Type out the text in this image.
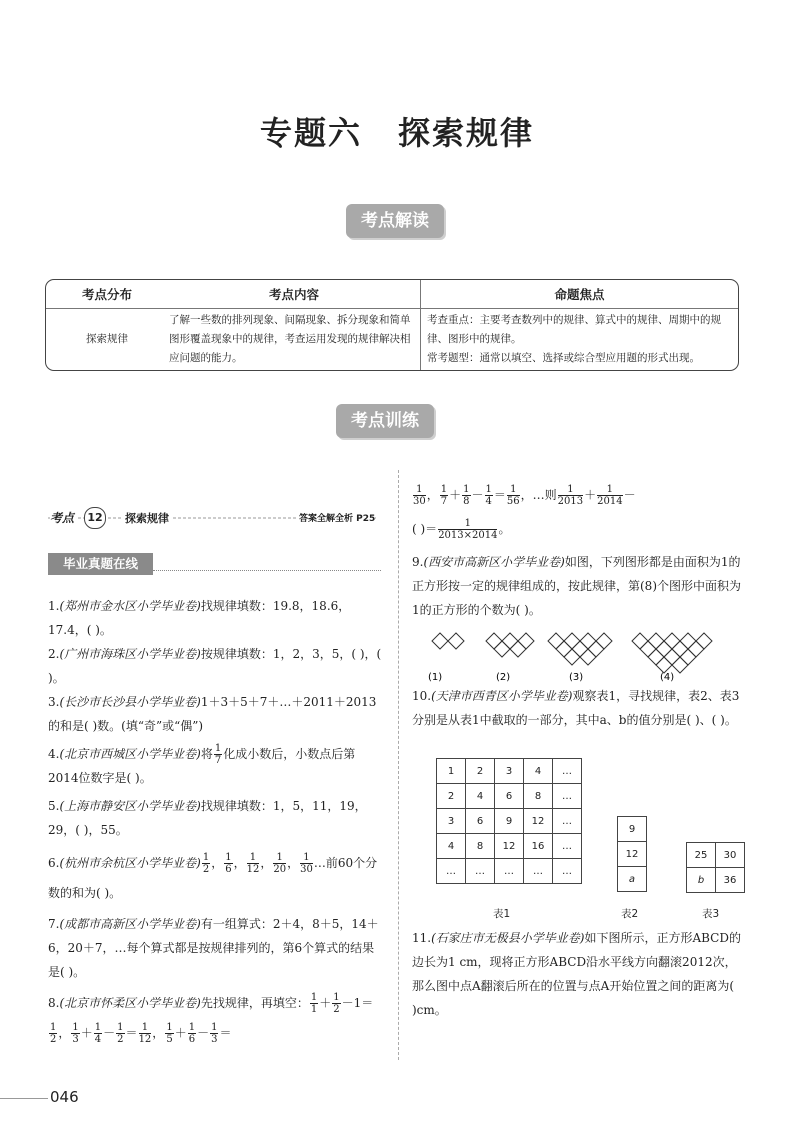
专题六 探索规律
考点解读
考点分布	考点内容	命题焦点
探索规律	了解一些数的排列现象、间隔现象、拆分现象和简单图形覆盖现象中的规律，考查运用发现的规律解决相应问题的能力。	考查重点：主要考查数列中的规律、算式中的规律、周期中的规律、图形中的规律。
常考题型：通常以填空、选择或综合型应用题的形式出现。
考点训练
考点	12	探索规律	答案全解全析 P25
毕业真题在线

1.(郑州市金水区小学毕业卷)找规律填数：19.8，18.6，17.4，( )。

2.(广州市海珠区小学毕业卷)按规律填数：1，2，3，5，( )，( )。

3.(长沙市长沙县小学毕业卷)1＋3＋5＋7＋…＋2011＋2013的和是( )数。(填“奇”或“偶”)

4.(北京市西城区小学毕业卷)将 $\frac{1}{7}$ 化成小数后，小数点后第2014位数字是( )。

5.(上海市静安区小学毕业卷)找规律填数：1，5，11，19，29，( )，55。

6.(杭州市余杭区小学毕业卷) $\frac{1}{2}$ ， $\frac{1}{6}$ ， $\frac{1}{12}$ ， $\frac{1}{20}$ ， $\frac{1}{30}$ …前60个分数的和为( )。

7.(成都市高新区小学毕业卷)有一组算式：2＋4，8＋5，14＋6，20＋7，…每个算式都是按规律排列的，第6个算式的结果是( )。

8.(北京市怀柔区小学毕业卷)先找规律，再填空： $\frac{1}{1} + \frac{1}{2} -1=$
$\frac{1}{2}$ ， $\frac{1}{3} + \frac{1}{4} - \frac{1}{2} = \frac{1}{12}$ ， $\frac{1}{5} + \frac{1}{6} - \frac{1}{3}$ ＝

$\frac{1}{30}$ ， $\frac{1}{7} + \frac{1}{8} - \frac{1}{4} = \frac{1}{56}$ ，…则 $\frac{1}{2013} + \frac{1}{2014}$ －

( )＝ $\frac{1}{2013\times 2014}$ 。

9.(西安市高新区小学毕业卷)如图，下列图形都是由面积为1的正方形按一定的规律组成的，按此规律，第(8)个图形中面积为1的正方形的个数为( )。

(1)	(2)	(3)	(4)

10.(天津市西青区小学毕业卷)观察表1，寻找规律，表2、表3分别是从表1中截取的一部分，其中a、b的值分别是( )、( )。

1	2	3	4	…
2	4	6	8	…
3	6	9	12	…
4	8	12	16	…
…	…	…	…	…
9
12
a
25	30
b	36
表1	表2	表3

11.(石家庄市无极县小学毕业卷)如下图所示，正方形ABCD的边长为1 cm，现将正方形ABCD沿水平线方向翻滚2012次，那么图中点A翻滚后所在的位置与点A开始位置之间的距离为( )cm。

046
